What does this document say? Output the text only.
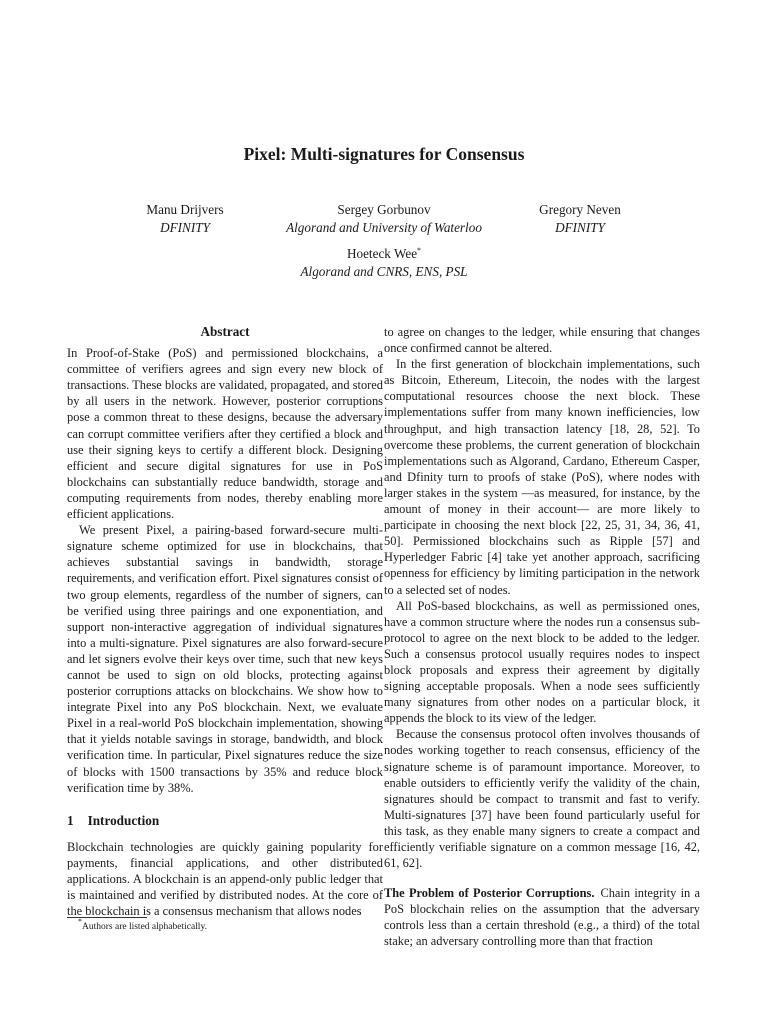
Pixel: Multi-signatures for Consensus
Manu Drijvers
DFINITY
Sergey Gorbunov
Algorand and University of Waterloo
Gregory Neven
DFINITY
Hoeteck Wee*
Algorand and CNRS, ENS, PSL
Abstract

In Proof-of-Stake (PoS) and permissioned blockchains, a committee of verifiers agrees and sign every new block of transactions. These blocks are validated, propagated, and stored by all users in the network. However, posterior corruptions pose a common threat to these designs, because the adversary can corrupt committee verifiers after they certified a block and use their signing keys to certify a different block. Designing efficient and secure digital signatures for use in PoS blockchains can substantially reduce bandwidth, storage and computing requirements from nodes, thereby enabling more efficient applications.

We present Pixel, a pairing-based forward-secure multi-signature scheme optimized for use in blockchains, that achieves substantial savings in bandwidth, storage requirements, and verification effort. Pixel signatures consist of two group elements, regardless of the number of signers, can be verified using three pairings and one exponentiation, and support non-interactive aggregation of individual signatures into a multi-signature. Pixel signatures are also forward-secure and let signers evolve their keys over time, such that new keys cannot be used to sign on old blocks, protecting against posterior corruptions attacks on blockchains. We show how to integrate Pixel into any PoS blockchain. Next, we evaluate Pixel in a real-world PoS blockchain implementation, showing that it yields notable savings in storage, bandwidth, and block verification time. In particular, Pixel signatures reduce the size of blocks with 1500 transactions by 35% and reduce block verification time by 38%.

1 Introduction

Blockchain technologies are quickly gaining popularity for payments, financial applications, and other distributed applications. A blockchain is an append-only public ledger that is maintained and verified by distributed nodes. At the core of the blockchain is a consensus mechanism that allows nodes

to agree on changes to the ledger, while ensuring that changes once confirmed cannot be altered.

In the first generation of blockchain implementations, such as Bitcoin, Ethereum, Litecoin, the nodes with the largest computational resources choose the next block. These implementations suffer from many known inefficiencies, low throughput, and high transaction latency [18, 28, 52]. To overcome these problems, the current generation of blockchain implementations such as Algorand, Cardano, Ethereum Casper, and Dfinity turn to proofs of stake (PoS), where nodes with larger stakes in the system —as measured, for instance, by the amount of money in their account— are more likely to participate in choosing the next block [22, 25, 31, 34, 36, 41, 50]. Permissioned blockchains such as Ripple [57] and Hyperledger Fabric [4] take yet another approach, sacrificing openness for efficiency by limiting participation in the network to a selected set of nodes.

All PoS-based blockchains, as well as permissioned ones, have a common structure where the nodes run a consensus sub-protocol to agree on the next block to be added to the ledger. Such a consensus protocol usually requires nodes to inspect block proposals and express their agreement by digitally signing acceptable proposals. When a node sees sufficiently many signatures from other nodes on a particular block, it appends the block to its view of the ledger.

Because the consensus protocol often involves thousands of nodes working together to reach consensus, efficiency of the signature scheme is of paramount importance. Moreover, to enable outsiders to efficiently verify the validity of the chain, signatures should be compact to transmit and fast to verify. Multi-signatures [37] have been found particularly useful for this task, as they enable many signers to create a compact and efficiently verifiable signature on a common message [16, 42, 61, 62].

The Problem of Posterior Corruptions. Chain integrity in a PoS blockchain relies on the assumption that the adversary controls less than a certain threshold (e.g., a third) of the total stake; an adversary controlling more than that fraction

*Authors are listed alphabetically.
